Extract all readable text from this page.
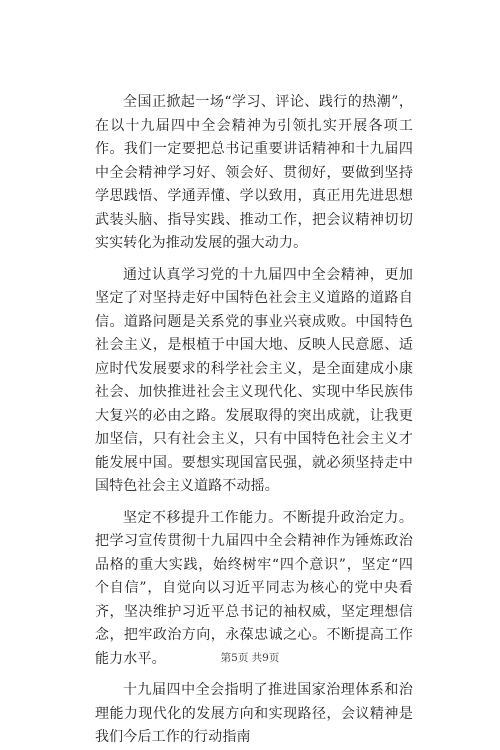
全国正掀起一场“学习、评论、践行的热潮”，在以十九届四中全会精神为引领扎实开展各项工作。我们一定要把总书记重要讲话精神和十九届四中全会精神学习好、领会好、贯彻好，要做到坚持学思践悟、学通弄懂、学以致用，真正用先进思想武装头脑、指导实践、推动工作，把会议精神切切实实转化为推动发展的强大动力。

通过认真学习党的十九届四中全会精神，更加坚定了对坚持走好中国特色社会主义道路的道路自信。道路问题是关系党的事业兴衰成败。中国特色社会主义，是根植于中国大地、反映人民意愿、适应时代发展要求的科学社会主义，是全面建成小康社会、加快推进社会主义现代化、实现中华民族伟大复兴的必由之路。发展取得的突出成就，让我更加坚信，只有社会主义，只有中国特色社会主义才能发展中国。要想实现国富民强，就必须坚持走中国特色社会主义道路不动摇。

坚定不移提升工作能力。不断提升政治定力。把学习宣传贯彻十九届四中全会精神作为锤炼政治品格的重大实践，始终树牢“四个意识”，坚定“四个自信”，自觉向以习近平同志为核心的党中央看齐，坚决维护习近平总书记的袖权威，坚定理想信念，把牢政治方向，永葆忠诚之心。不断提高工作能力水平。

十九届四中全会指明了推进国家治理体系和治理能力现代化的发展方向和实现路径，会议精神是我们今后工作的行动指南

第5页 共9页
